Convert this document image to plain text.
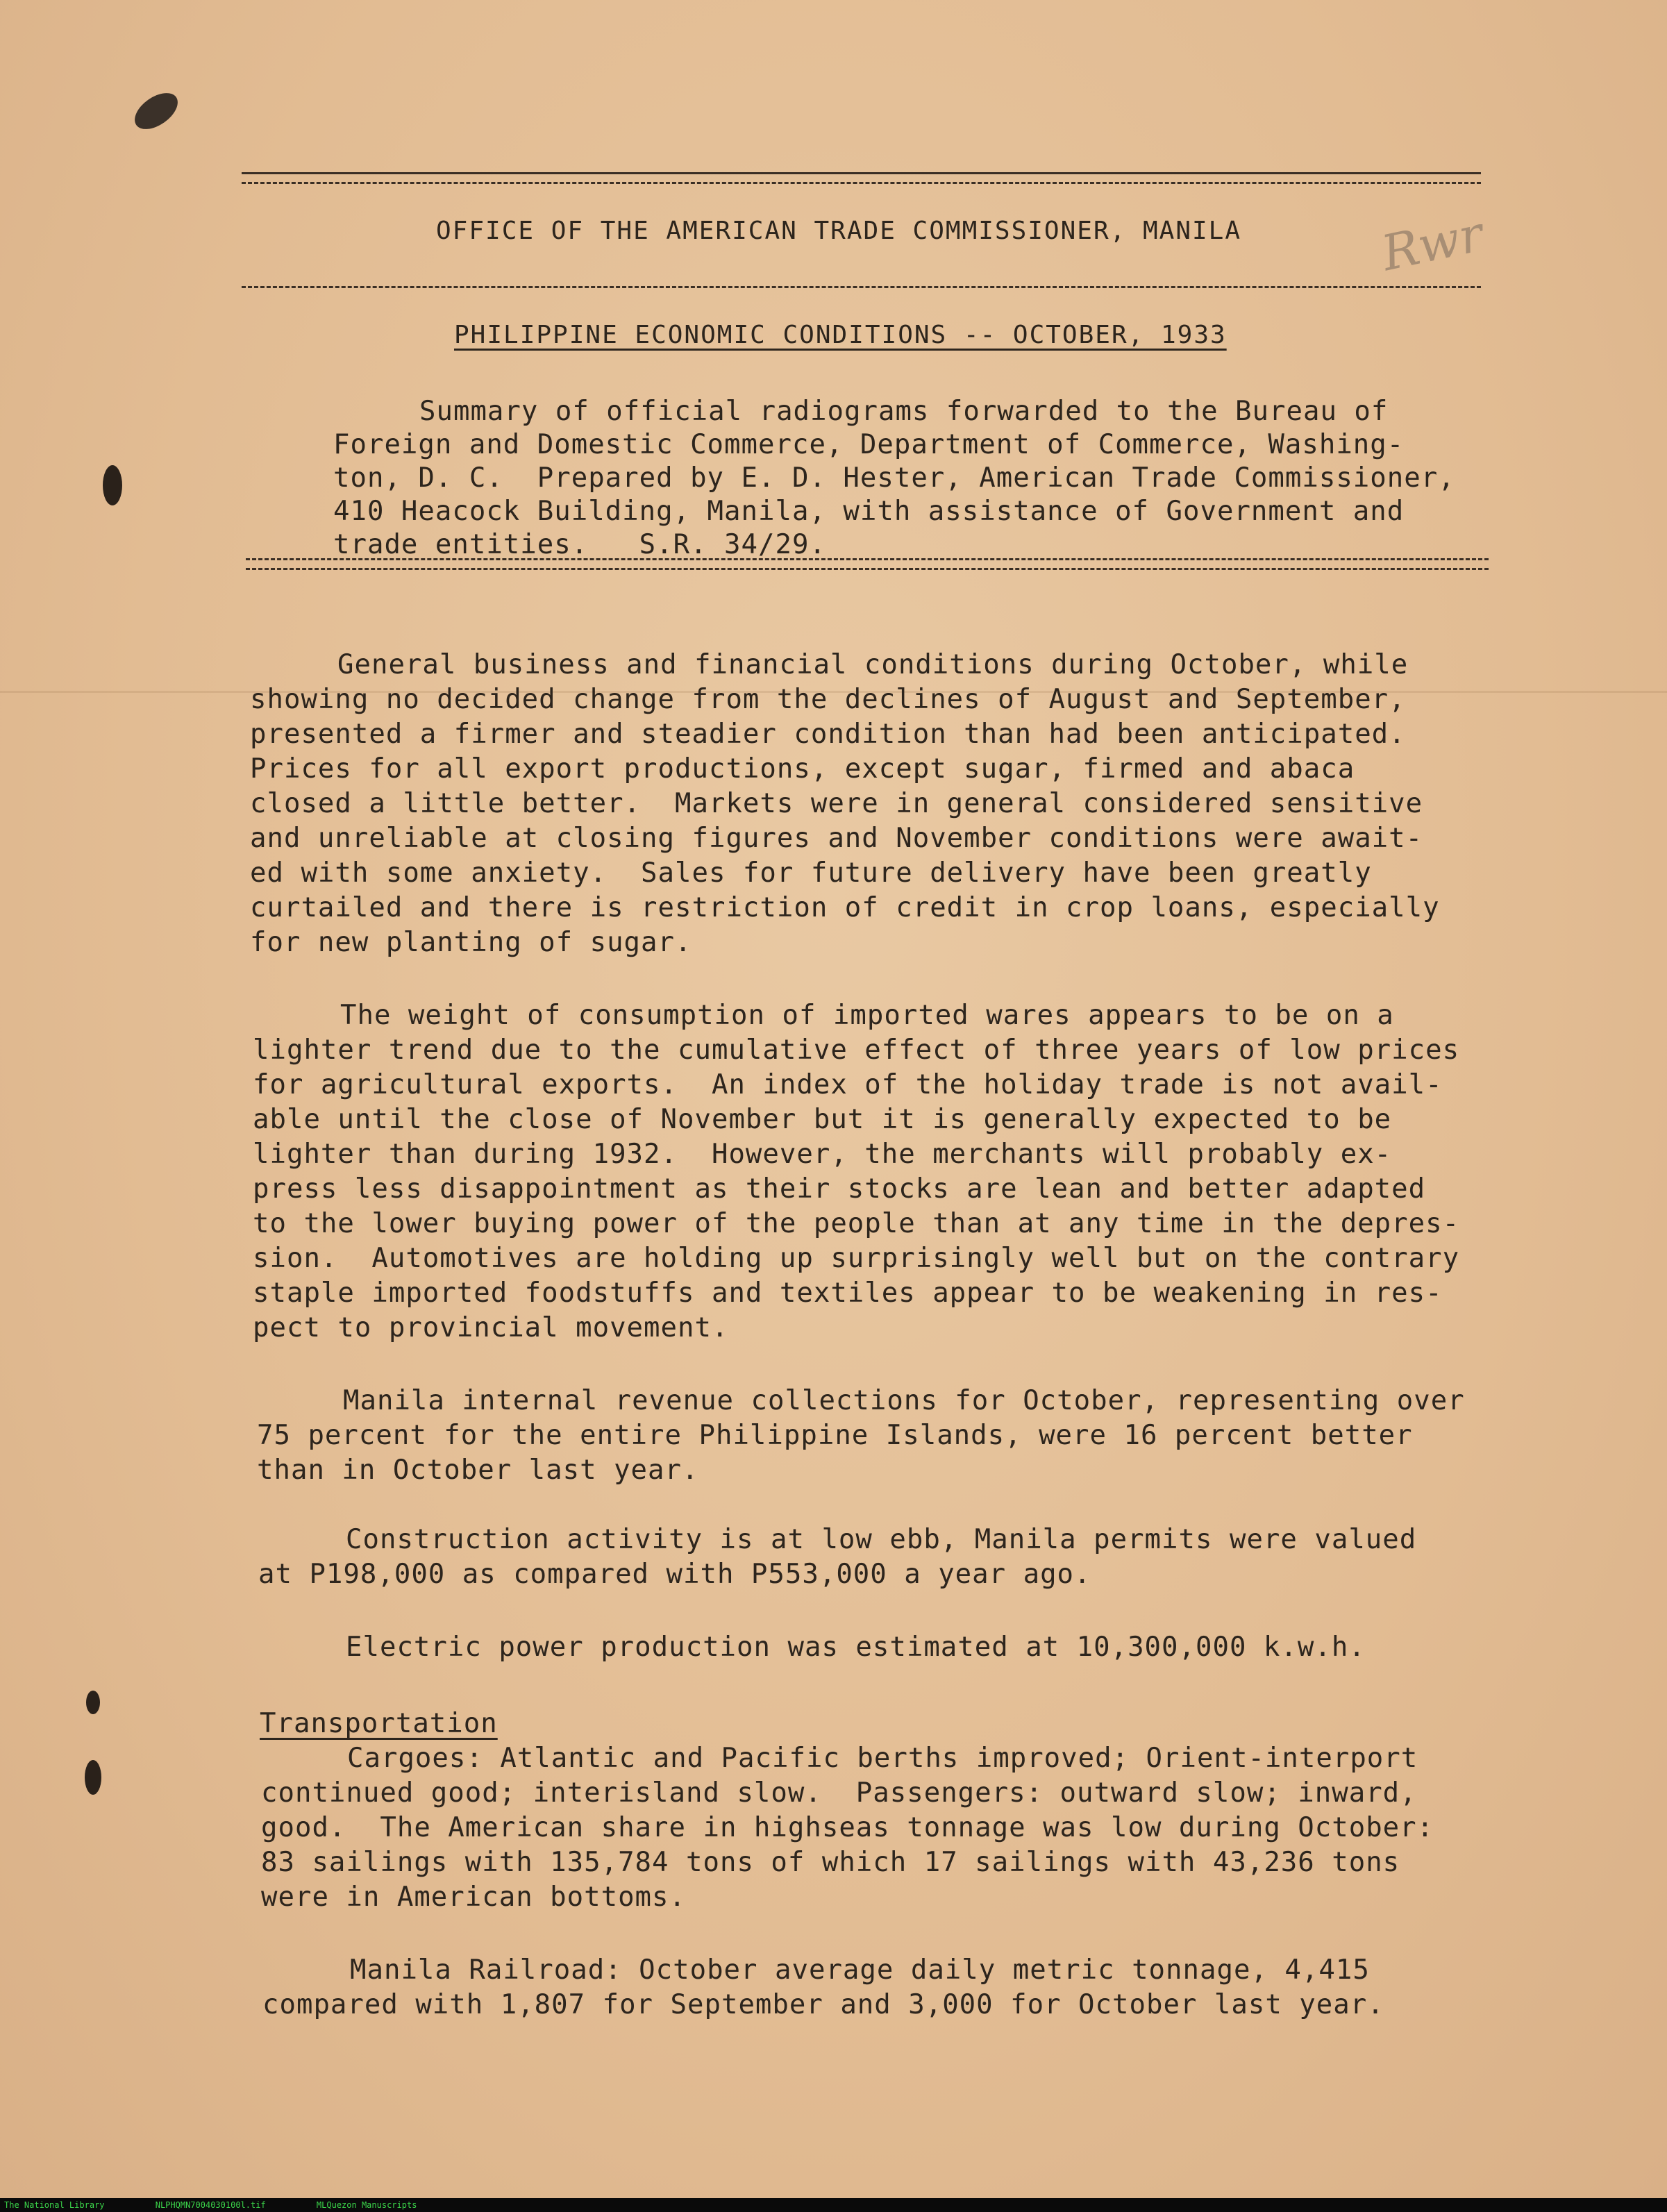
OFFICE OF THE AMERICAN TRADE COMMISSIONER, MANILA
PHILIPPINE ECONOMIC CONDITIONS -- OCTOBER, 1933
Rwr
Summary of official radiograms forwarded to the Bureau of
Foreign and Domestic Commerce, Department of Commerce, Washing-
ton, D. C.  Prepared by E. D. Hester, American Trade Commissioner,
410 Heacock Building, Manila, with assistance of Government and
trade entities.   S.R. 34/29.
General business and financial conditions during October, while
showing no decided change from the declines of August and September,
presented a firmer and steadier condition than had been anticipated.
Prices for all export productions, except sugar, firmed and abaca
closed a little better.  Markets were in general considered sensitive
and unreliable at closing figures and November conditions were await-
ed with some anxiety.  Sales for future delivery have been greatly
curtailed and there is restriction of credit in crop loans, especially
for new planting of sugar.
The weight of consumption of imported wares appears to be on a
lighter trend due to the cumulative effect of three years of low prices
for agricultural exports.  An index of the holiday trade is not avail-
able until the close of November but it is generally expected to be
lighter than during 1932.  However, the merchants will probably ex-
press less disappointment as their stocks are lean and better adapted
to the lower buying power of the people than at any time in the depres-
sion.  Automotives are holding up surprisingly well but on the contrary
staple imported foodstuffs and textiles appear to be weakening in res-
pect to provincial movement.
Manila internal revenue collections for October, representing over
75 percent for the entire Philippine Islands, were 16 percent better
than in October last year.
Construction activity is at low ebb, Manila permits were valued
at P198,000 as compared with P553,000 a year ago.
Electric power production was estimated at 10,300,000 k.w.h.
Transportation
Cargoes: Atlantic and Pacific berths improved; Orient-interport
continued good; interisland slow.  Passengers: outward slow; inward,
good.  The American share in highseas tonnage was low during October:
83 sailings with 135,784 tons of which 17 sailings with 43,236 tons
were in American bottoms.
Manila Railroad: October average daily metric tonnage, 4,415
compared with 1,807 for September and 3,000 for October last year.
The National Library	NLPHQMN7004030100l.tif	MLQuezon Manuscripts
